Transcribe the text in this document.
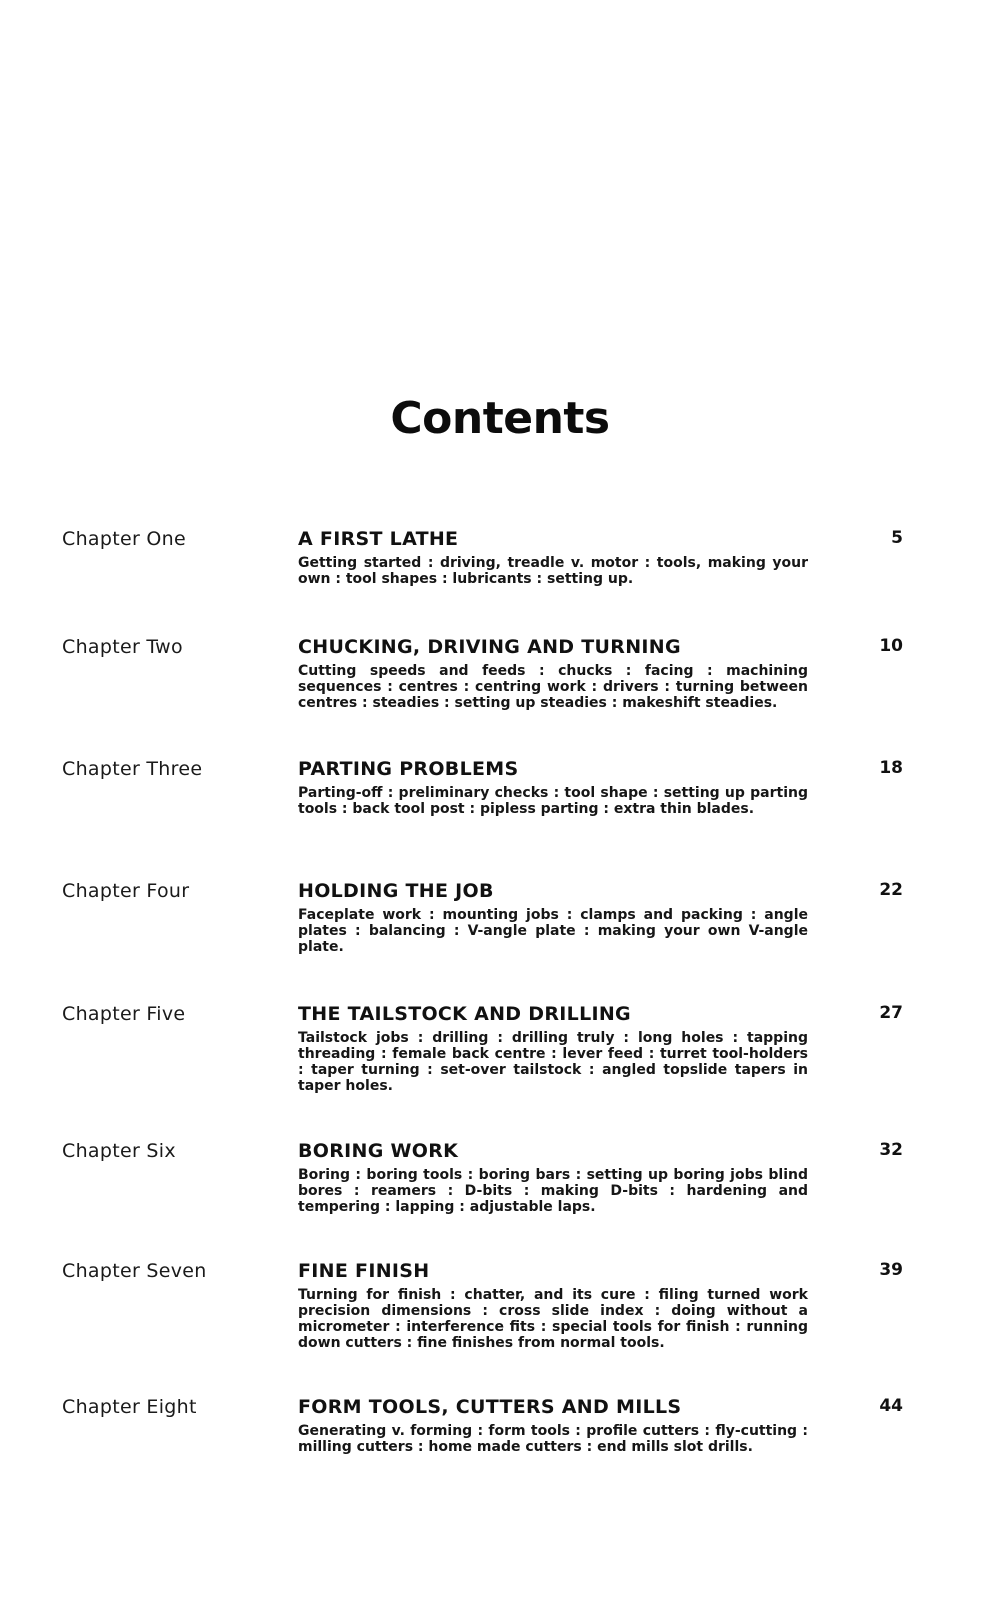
Contents
Chapter One	A FIRST LATHE	5

Getting started : driving, treadle v. motor : tools, making your own : tool shapes : lubricants : setting up.

Chapter Two	CHUCKING, DRIVING AND TURNING	10

Cutting speeds and feeds : chucks : facing : machining sequences : centres : centring work : drivers : turning between centres : steadies : setting up steadies : makeshift steadies.

Chapter Three	PARTING PROBLEMS	18

Parting-off : preliminary checks : tool shape : setting up parting tools : back tool post : pipless parting : extra thin blades.

Chapter Four	HOLDING THE JOB	22

Faceplate work : mounting jobs : clamps and packing : angle plates : balancing : V-angle plate : making your own V-angle plate.

Chapter Five	THE TAILSTOCK AND DRILLING	27

Tailstock jobs : drilling : drilling truly : long holes : tapping threading : female back centre : lever feed : turret tool-holders : taper turning : set-over tailstock : angled topslide tapers in taper holes.

Chapter Six	BORING WORK	32

Boring : boring tools : boring bars : setting up boring jobs blind bores : reamers : D-bits : making D-bits : hardening and tempering : lapping : adjustable laps.

Chapter Seven	FINE FINISH	39

Turning for finish : chatter, and its cure : filing turned work precision dimensions : cross slide index : doing without a micrometer : interference fits : special tools for finish : running down cutters : fine finishes from normal tools.

Chapter Eight	FORM TOOLS, CUTTERS AND MILLS	44

Generating v. forming : form tools : profile cutters : fly-cutting : milling cutters : home made cutters : end mills slot drills.
